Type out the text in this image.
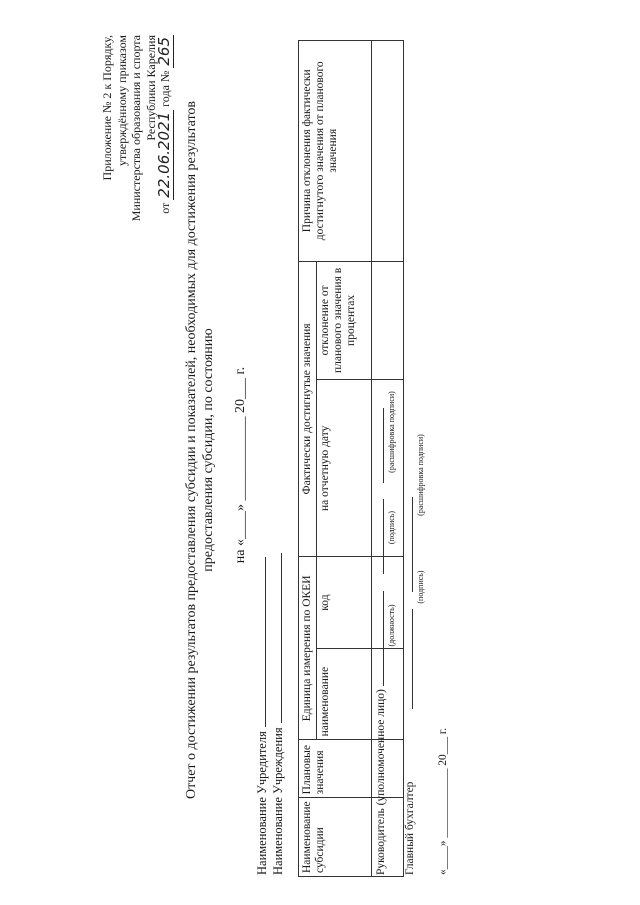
Приложение № 2 к Порядку, утверждённому приказом Министерства образования и спорта Республики Карелия
от 22.06.2021 года № 265
Отчет о достижении результатов предоставления субсидии и показателей, необходимых для достижения результатов предоставления субсидии, по состоянию на «____» ____________ 20___ г.
Наименование Учредителя Наименование Учреждения Наименование субсидии	Плановые значения	Единица измерения по ОКЕИ		Фактически достигнутые значения		Причина отклонения фактически достигнутого значения от планового значения
		наименование	код	на отчетную дату	отклонение от планового значения в процентах	

Руководитель (уполномоченное лицо)
(должность)
(подпись)
(расшифровка подписи)
Главный бухгалтер
(подпись)
(расшифровка подписи)
«____» ____________ 20___ г.
